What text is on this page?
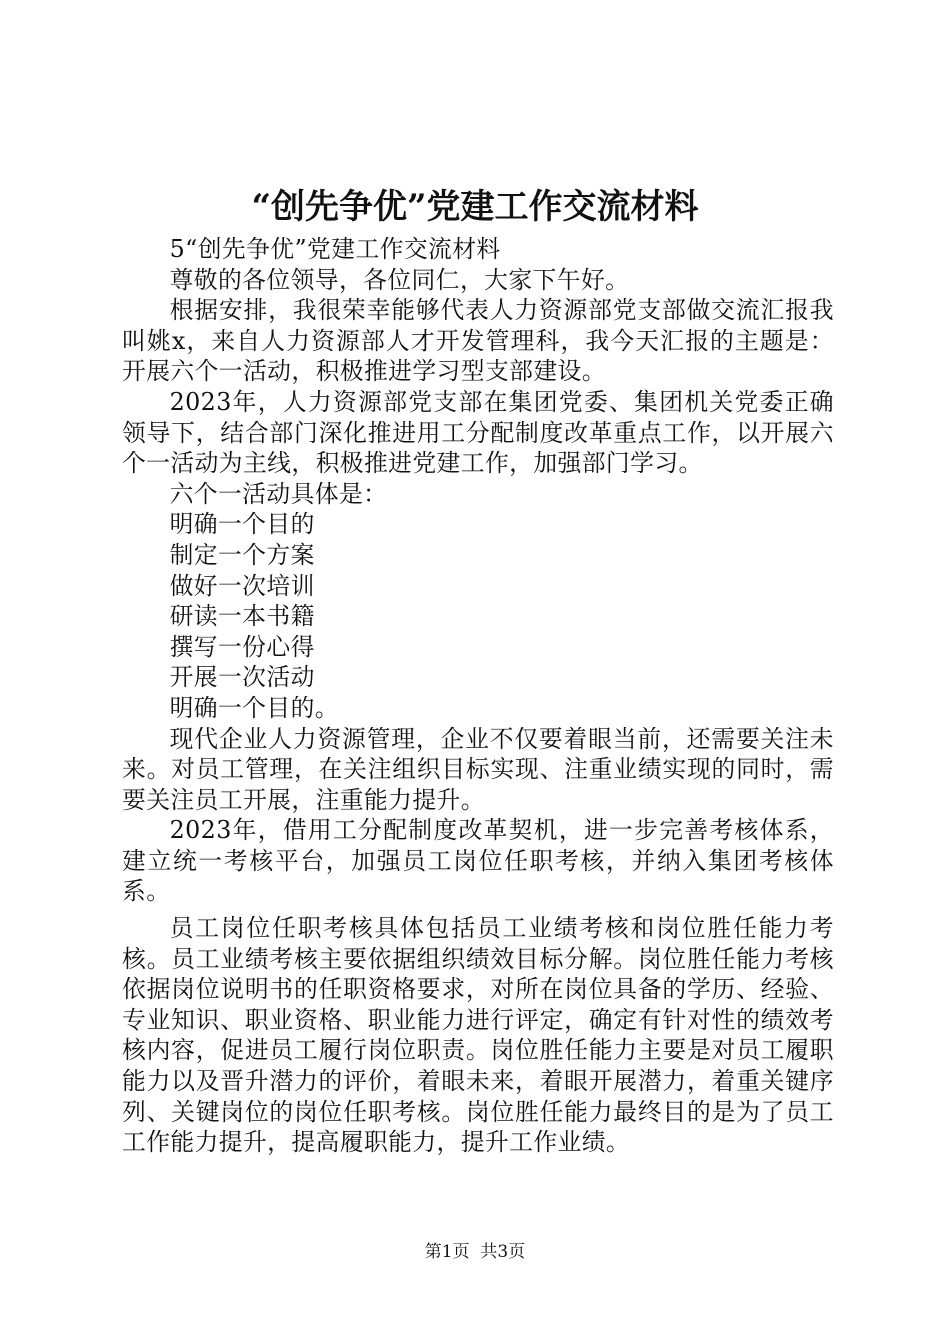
“创先争优”党建工作交流材料

5“创先争优”党建工作交流材料

尊敬的各位领导，各位同仁，大家下午好。

根据安排，我很荣幸能够代表人力资源部党支部做交流汇报我叫姚x，来自人力资源部人才开发管理科，我今天汇报的主题是：开展六个一活动，积极推进学习型支部建设。

2023年，人力资源部党支部在集团党委、集团机关党委正确领导下，结合部门深化推进用工分配制度改革重点工作，以开展六个一活动为主线，积极推进党建工作，加强部门学习。

六个一活动具体是：

明确一个目的

制定一个方案

做好一次培训

研读一本书籍

撰写一份心得

开展一次活动

明确一个目的。

现代企业人力资源管理，企业不仅要着眼当前，还需要关注未来。对员工管理，在关注组织目标实现、注重业绩实现的同时，需要关注员工开展，注重能力提升。

2023年，借用工分配制度改革契机，进一步完善考核体系，建立统一考核平台，加强员工岗位任职考核，并纳入集团考核体系。

员工岗位任职考核具体包括员工业绩考核和岗位胜任能力考核。员工业绩考核主要依据组织绩效目标分解。岗位胜任能力考核依据岗位说明书的任职资格要求，对所在岗位具备的学历、经验、专业知识、职业资格、职业能力进行评定，确定有针对性的绩效考核内容，促进员工履行岗位职责。岗位胜任能力主要是对员工履职能力以及晋升潜力的评价，着眼未来，着眼开展潜力，着重关键序列、关键岗位的岗位任职考核。岗位胜任能力最终目的是为了员工工作能力提升，提高履职能力，提升工作业绩。

第1页 共3页
